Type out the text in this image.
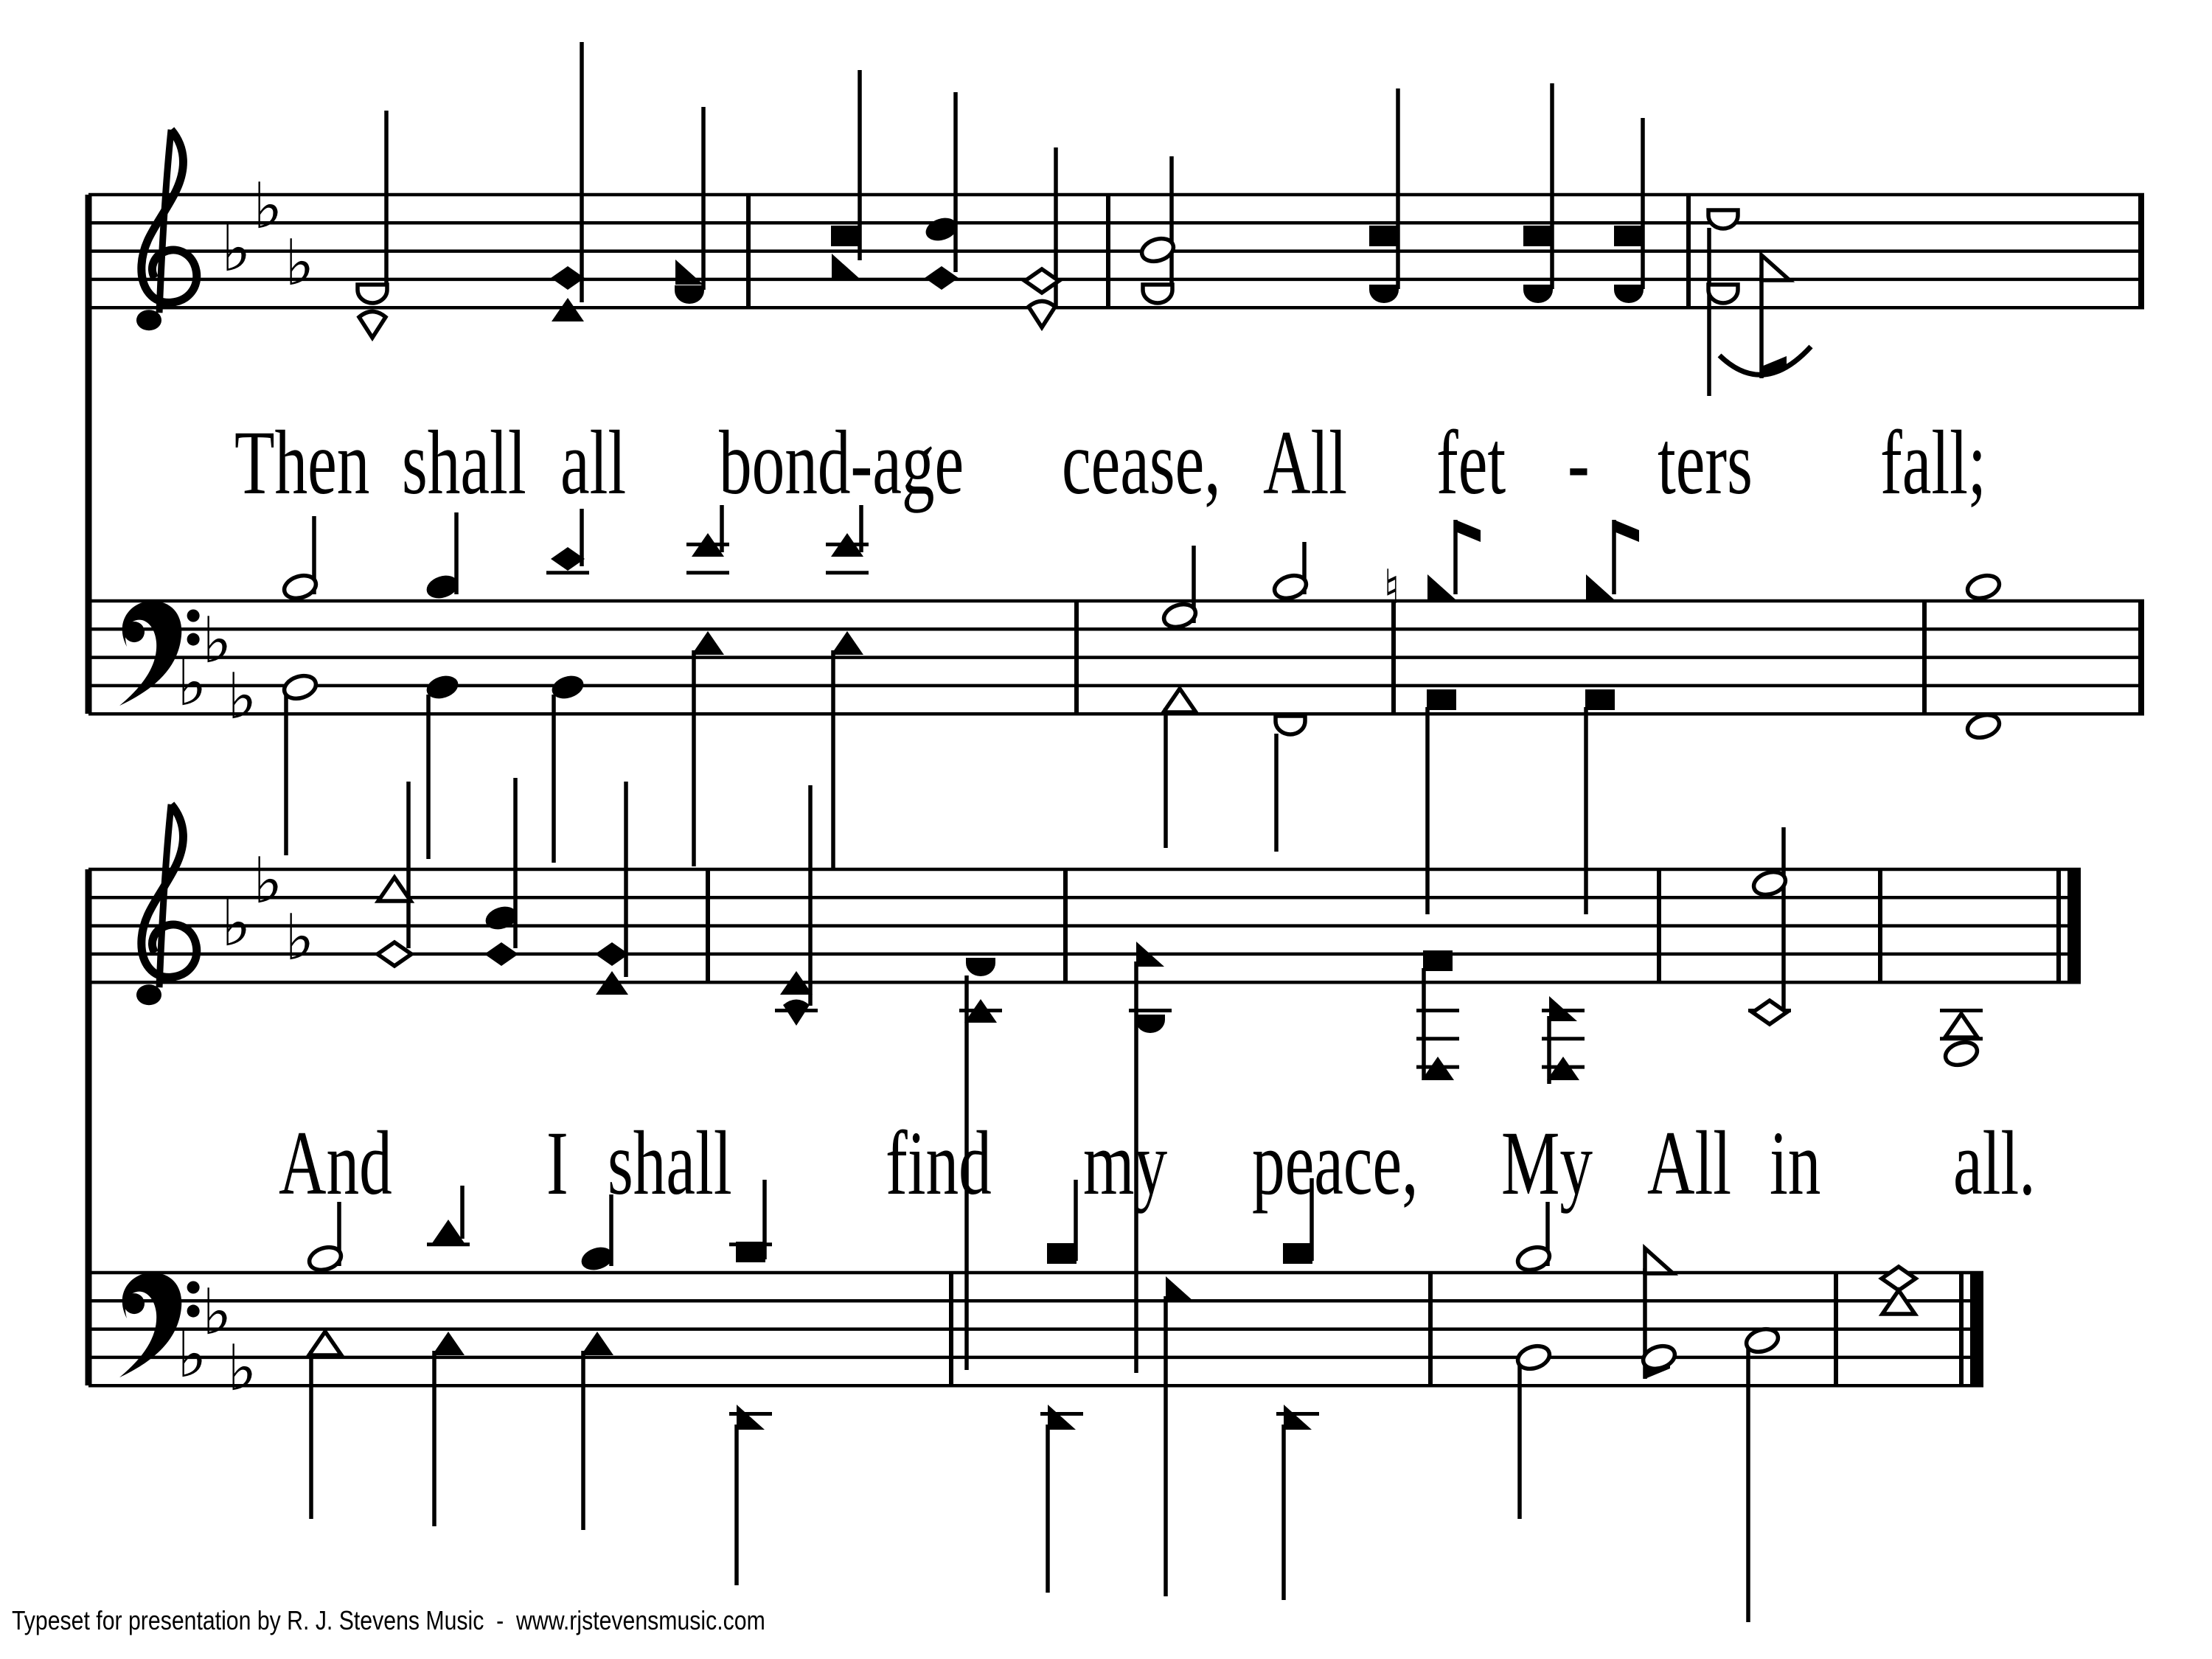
♭
♭
♭
♭
♭
♭
♮
♭
♭
♭
♭
♭
♭
Then shall all bond-age cease, All fet - ters fall;
And I shall find my peace, My All in all.
Typeset for presentation by R. J. Stevens Music  -  www.rjstevensmusic.com
